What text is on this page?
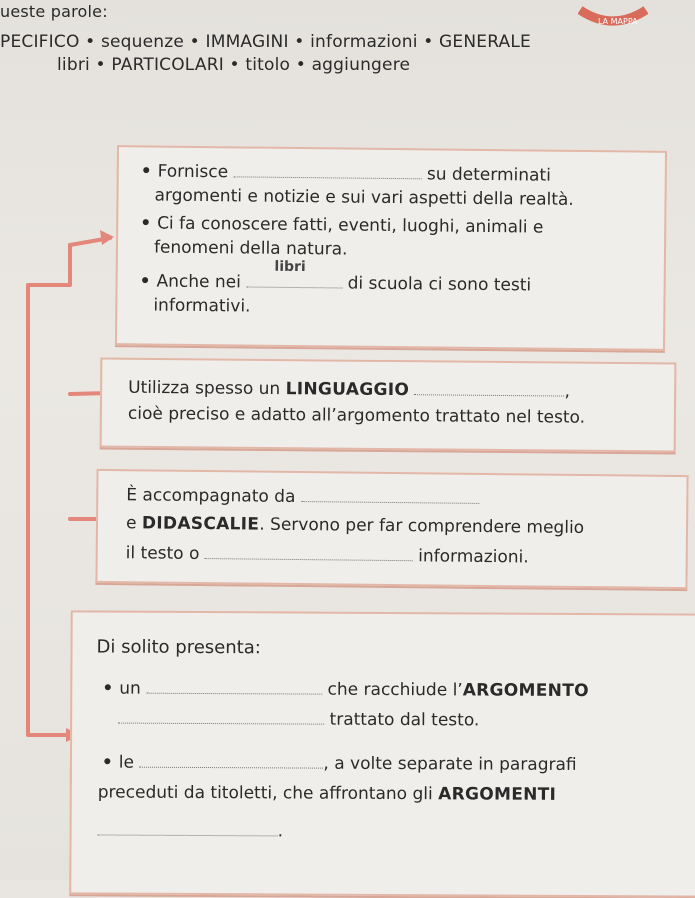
ueste parole:
PECIFICO • sequenze • IMMAGINI • informazioni • GENERALE
libri • PARTICOLARI • titolo • aggiungere
LA MAPPA
• Fornisce	su determinati
argomenti e notizie e sui vari aspetti della realtà.
• Ci fa conoscere fatti, eventi, luoghi, animali e
fenomeni della natura.
• Anche nei
libri
di scuola ci sono testi
informativi.
Utilizza spesso un LINGUAGGIO	,
cioè preciso e adatto all’argomento trattato nel testo.
È accompagnato da
e DIDASCALIE. Servono per far comprendere meglio
il testo o	informazioni.
Di solito presenta:
• un	che racchiude l’ARGOMENTO
trattato dal testo.
• le	, a volte separate in paragrafi
preceduti da titoletti, che affrontano gli ARGOMENTI
.
